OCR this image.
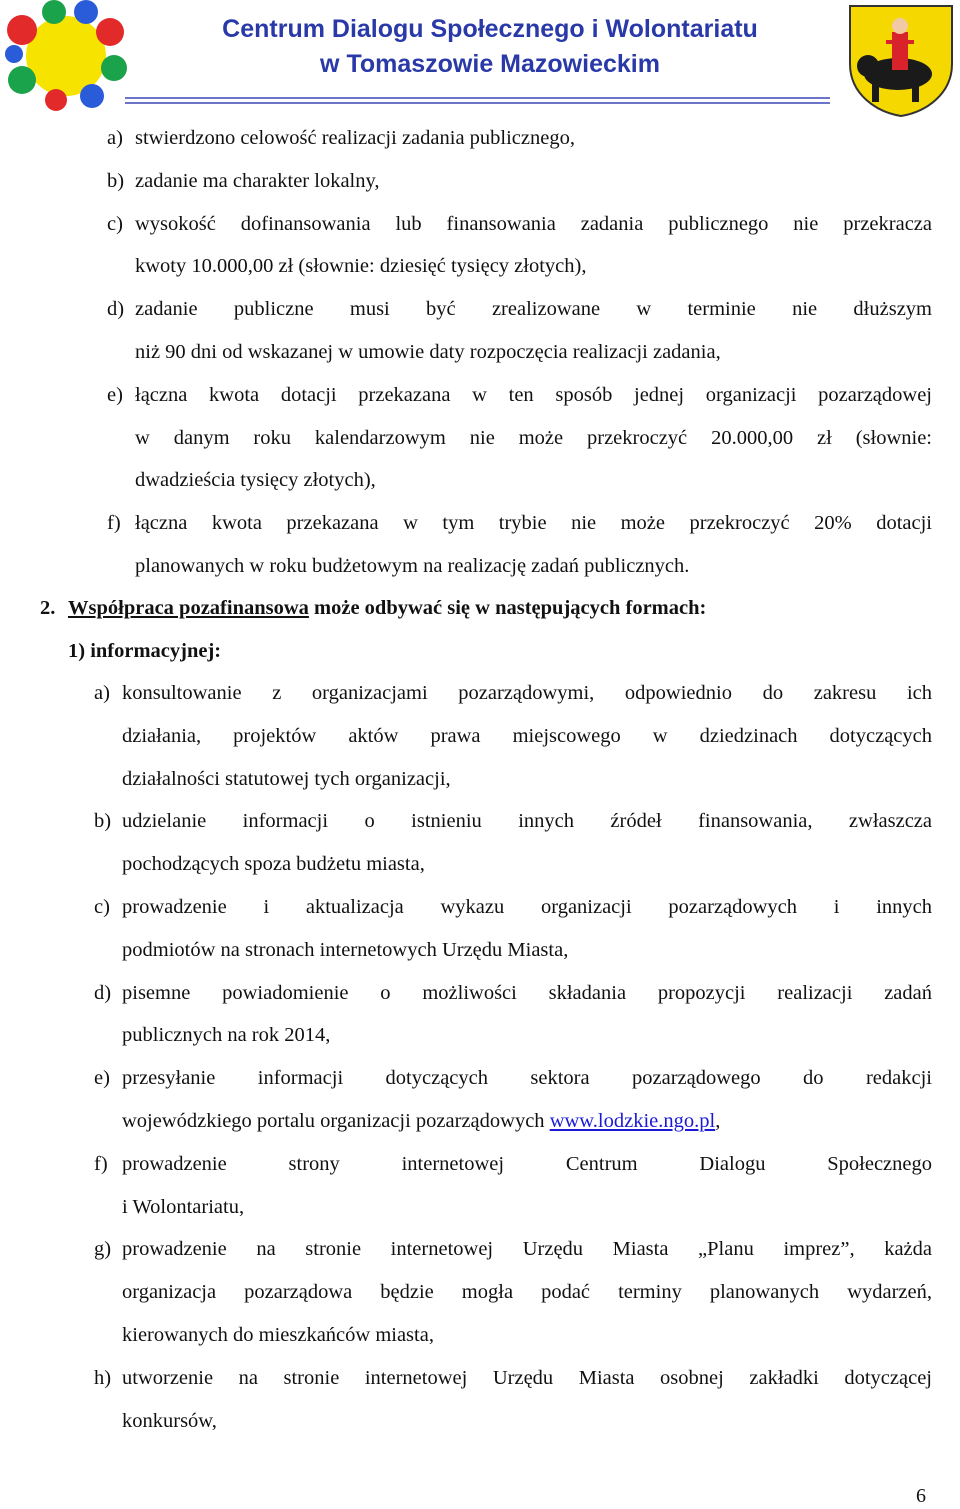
Centrum Dialogu Społecznego i Wolontariatu
w Tomaszowie Mazowieckim
a) stwierdzono celowość realizacji zadania publicznego,
b) zadanie ma charakter lokalny,
c) wysokość dofinansowania lub finansowania zadania publicznego nie przekracza
kwoty 10.000,00 zł (słownie: dziesięć tysięcy złotych),
d) zadanie publiczne musi być zrealizowane w terminie nie dłuższym
niż 90 dni od wskazanej w umowie daty rozpoczęcia realizacji zadania,
e) łączna kwota dotacji przekazana w ten sposób jednej organizacji pozarządowej
w danym roku kalendarzowym nie może przekroczyć 20.000,00 zł (słownie:
dwadzieścia tysięcy złotych),
f) łączna kwota przekazana w tym trybie nie może przekroczyć 20% dotacji
planowanych w roku budżetowym na realizację zadań publicznych.
2. Współpraca pozafinansowa może odbywać się w następujących formach:
1) informacyjnej:
a) konsultowanie z organizacjami pozarządowymi, odpowiednio do zakresu ich
działania, projektów aktów prawa miejscowego w dziedzinach dotyczących
działalności statutowej tych organizacji,
b) udzielanie informacji o istnieniu innych źródeł finansowania, zwłaszcza
pochodzących spoza budżetu miasta,
c) prowadzenie i aktualizacja wykazu organizacji pozarządowych i innych
podmiotów na stronach internetowych Urzędu Miasta,
d) pisemne powiadomienie o możliwości składania propozycji realizacji zadań
publicznych na rok 2014,
e) przesyłanie informacji dotyczących sektora pozarządowego do redakcji
wojewódzkiego portalu organizacji pozarządowych www.lodzkie.ngo.pl,
f) prowadzenie strony internetowej Centrum Dialogu Społecznego
i Wolontariatu,
g) prowadzenie na stronie internetowej Urzędu Miasta „Planu imprez”, każda
organizacja pozarządowa będzie mogła podać terminy planowanych wydarzeń,
kierowanych do mieszkańców miasta,
h) utworzenie na stronie internetowej Urzędu Miasta osobnej zakładki dotyczącej
konkursów,
6
